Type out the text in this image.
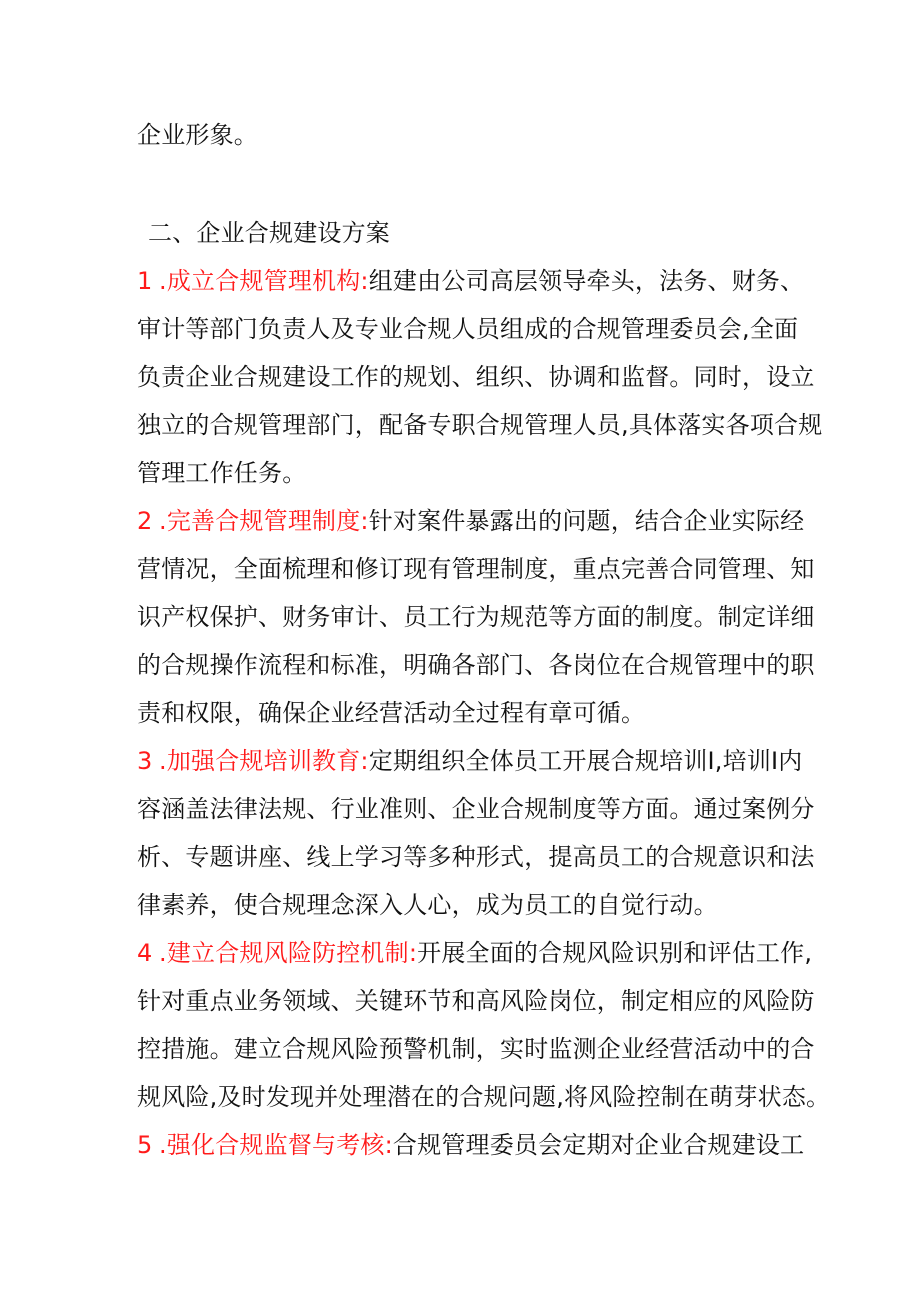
企业形象。

二、企业合规建设方案

1 .成立合规管理机构:组建由公司高层领导牵头，法务、财务、

审计等部门负责人及专业合规人员组成的合规管理委员会,全面

负责企业合规建设工作的规划、组织、协调和监督。同时，设立

独立的合规管理部门，配备专职合规管理人员,具体落实各项合规

管理工作任务。

2 .完善合规管理制度:针对案件暴露出的问题，结合企业实际经

营情况，全面梳理和修订现有管理制度，重点完善合同管理、知

识产权保护、财务审计、员工行为规范等方面的制度。制定详细

的合规操作流程和标准，明确各部门、各岗位在合规管理中的职

责和权限，确保企业经营活动全过程有章可循。

3 .加强合规培训教育:定期组织全体员工开展合规培训I,培训I内

容涵盖法律法规、行业准则、企业合规制度等方面。通过案例分

析、专题讲座、线上学习等多种形式，提高员工的合规意识和法

律素养，使合规理念深入人心，成为员工的自觉行动。

4 .建立合规风险防控机制:开展全面的合规风险识别和评估工作,

针对重点业务领域、关键环节和高风险岗位，制定相应的风险防

控措施。建立合规风险预警机制，实时监测企业经营活动中的合

规风险,及时发现并处理潜在的合规问题,将风险控制在萌芽状态。

5 .强化合规监督与考核:合规管理委员会定期对企业合规建设工
